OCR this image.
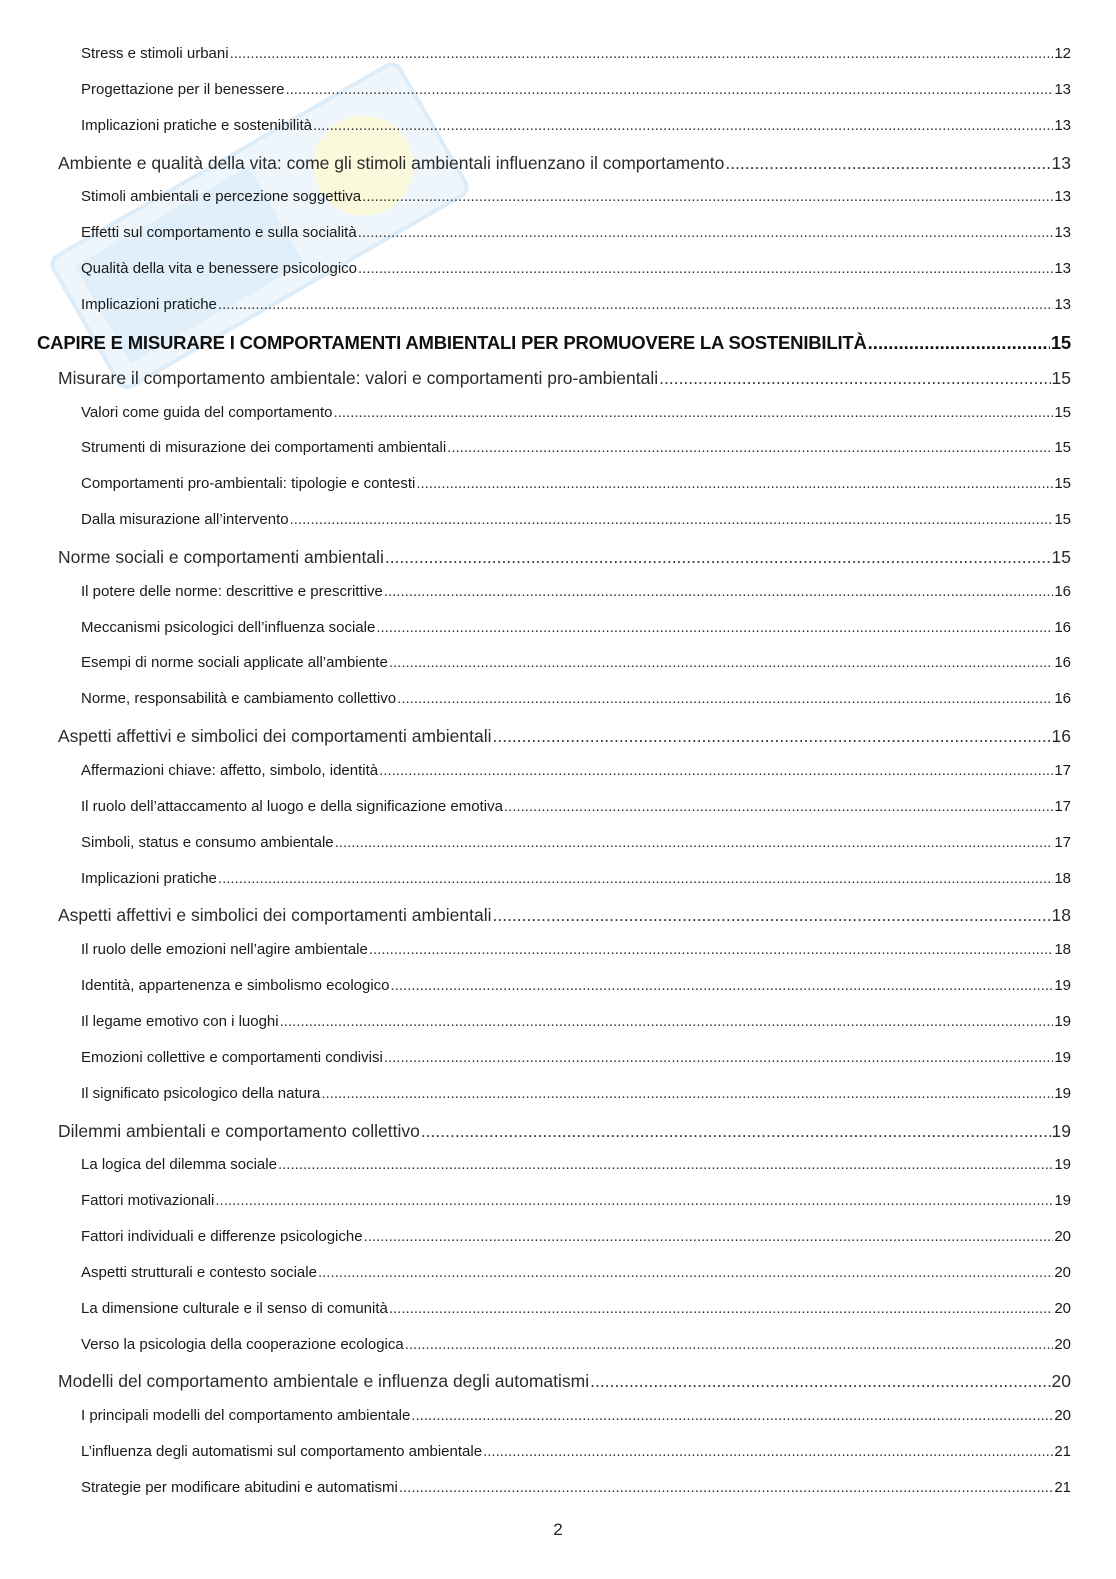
Stress e stimoli urbani .....	12
Progettazione per il benessere .....	13
Implicazioni pratiche e sostenibilità .....	13
Ambiente e qualità della vita: come gli stimoli ambientali influenzano il comportamento .....	13
Stimoli ambientali e percezione soggettiva .....	13
Effetti sul comportamento e sulla socialità .....	13
Qualità della vita e benessere psicologico .....	13
Implicazioni pratiche .....	13
CAPIRE E MISURARE I COMPORTAMENTI AMBIENTALI PER PROMUOVERE LA SOSTENIBILITÀ .....	15
Misurare il comportamento ambientale: valori e comportamenti pro-ambientali .....	15
Valori come guida del comportamento .....	15
Strumenti di misurazione dei comportamenti ambientali .....	15
Comportamenti pro-ambientali: tipologie e contesti .....	15
Dalla misurazione all’intervento .....	15
Norme sociali e comportamenti ambientali .....	15
Il potere delle norme: descrittive e prescrittive .....	16
Meccanismi psicologici dell’influenza sociale .....	16
Esempi di norme sociali applicate all’ambiente .....	16
Norme, responsabilità e cambiamento collettivo .....	16
Aspetti affettivi e simbolici dei comportamenti ambientali .....	16
Affermazioni chiave: affetto, simbolo, identità .....	17
Il ruolo dell’attaccamento al luogo e della significazione emotiva .....	17
Simboli, status e consumo ambientale .....	17
Implicazioni pratiche .....	18
Aspetti affettivi e simbolici dei comportamenti ambientali .....	18
Il ruolo delle emozioni nell’agire ambientale .....	18
Identità, appartenenza e simbolismo ecologico .....	19
Il legame emotivo con i luoghi .....	19
Emozioni collettive e comportamenti condivisi .....	19
Il significato psicologico della natura .....	19
Dilemmi ambientali e comportamento collettivo .....	19
La logica del dilemma sociale .....	19
Fattori motivazionali .....	19
Fattori individuali e differenze psicologiche .....	20
Aspetti strutturali e contesto sociale .....	20
La dimensione culturale e il senso di comunità .....	20
Verso la psicologia della cooperazione ecologica .....	20
Modelli del comportamento ambientale e influenza degli automatismi .....	20
I principali modelli del comportamento ambientale .....	20
L’influenza degli automatismi sul comportamento ambientale .....	21
Strategie per modificare abitudini e automatismi .....	21
2
